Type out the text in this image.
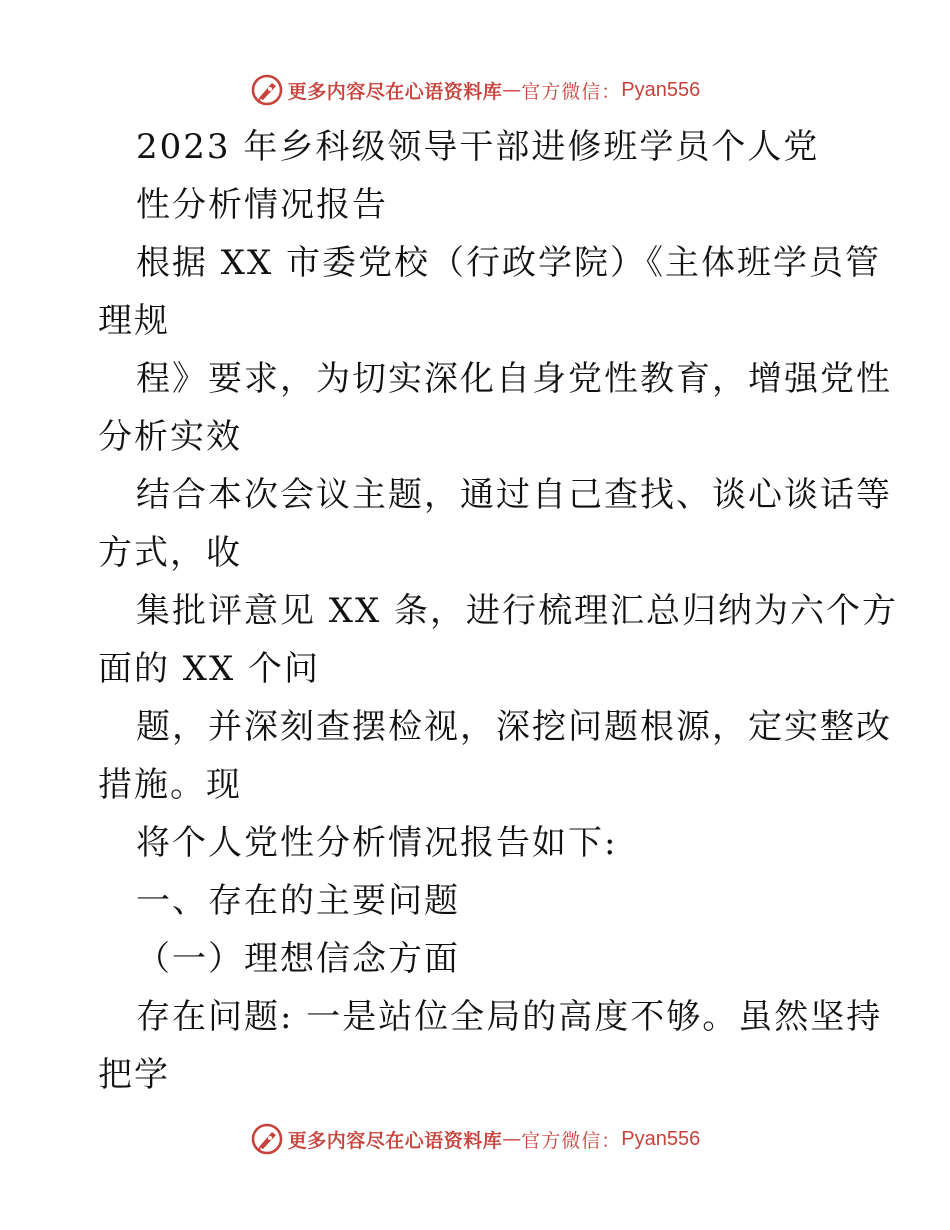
更多内容尽在心语资料库 — 官方微信： Pyan556
2023 年乡科级领导干部进修班学员个人党
性分析情况报告
根据 XX 市委党校（行政学院）《主体班学员管
理规
程》要求，为切实深化自身党性教育，增强党性
分析实效
结合本次会议主题，通过自己查找、谈心谈话等
方式，收
集批评意见 XX 条，进行梳理汇总归纳为六个方
面的 XX 个问
题，并深刻查摆检视，深挖问题根源，定实整改
措施。现
将个人党性分析情况报告如下:
一、存在的主要问题
（一）理想信念方面
存在问题: 一是站位全局的高度不够。虽然坚持
把学
更多内容尽在心语资料库 — 官方微信： Pyan556
